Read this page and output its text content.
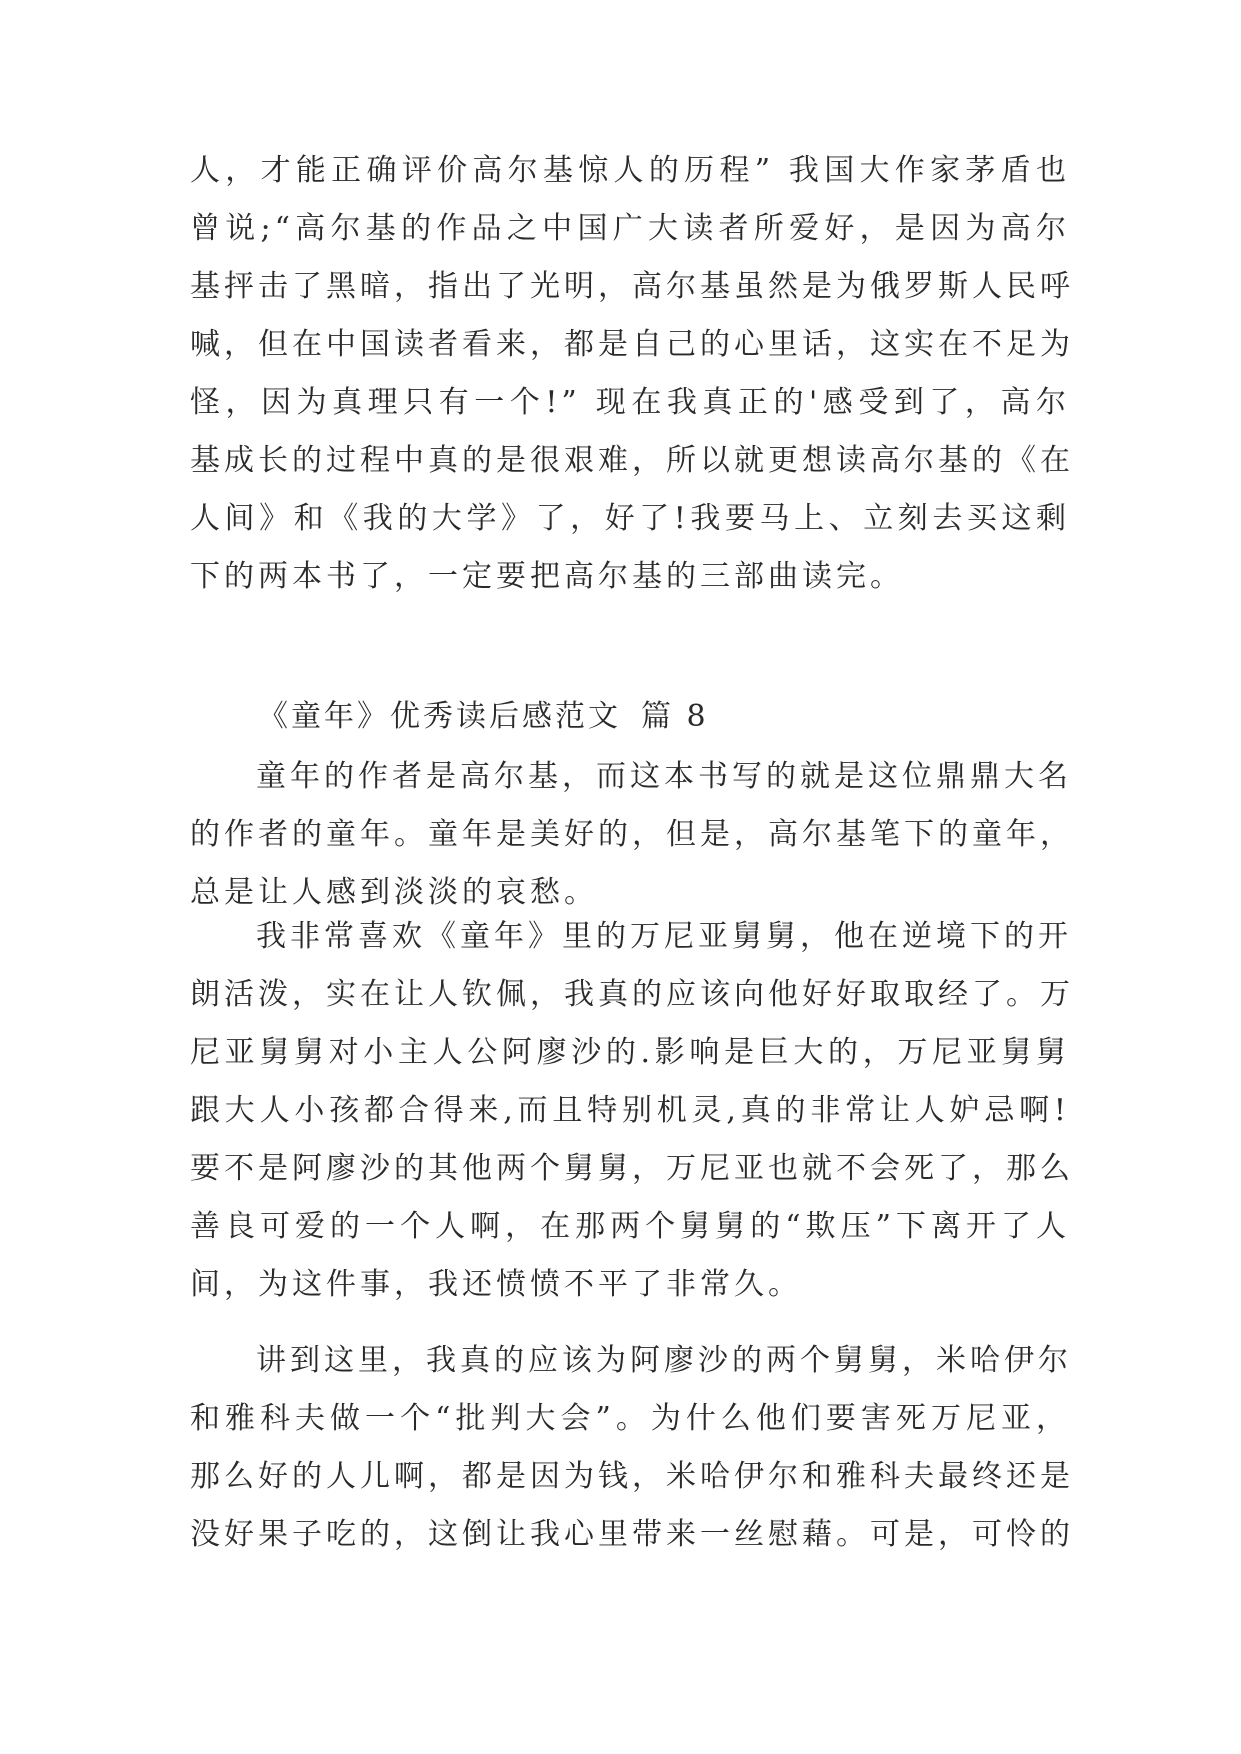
人，才能正确评价高尔基惊人的历程” 我国大作家茅盾也
曾说;“高尔基的作品之中国广大读者所爱好，是因为高尔
基抨击了黑暗，指出了光明，高尔基虽然是为俄罗斯人民呼
喊，但在中国读者看来，都是自己的心里话，这实在不足为
怪，因为真理只有一个!” 现在我真正的'感受到了，高尔
基成长的过程中真的是很艰难，所以就更想读高尔基的《在
人间》和《我的大学》了，好了!我要马上、立刻去买这剩
下的两本书了，一定要把高尔基的三部曲读完。
《童年》优秀读后感范文 篇 8
童年的作者是高尔基，而这本书写的就是这位鼎鼎大名
的作者的童年。童年是美好的，但是，高尔基笔下的童年，
总是让人感到淡淡的哀愁。
我非常喜欢《童年》里的万尼亚舅舅，他在逆境下的开
朗活泼，实在让人钦佩，我真的应该向他好好取取经了。万
尼亚舅舅对小主人公阿廖沙的.影响是巨大的，万尼亚舅舅
跟大人小孩都合得来,而且特别机灵,真的非常让人妒忌啊!
要不是阿廖沙的其他两个舅舅，万尼亚也就不会死了，那么
善良可爱的一个人啊，在那两个舅舅的“欺压”下离开了人
间，为这件事，我还愤愤不平了非常久。
讲到这里，我真的应该为阿廖沙的两个舅舅，米哈伊尔
和雅科夫做一个“批判大会”。为什么他们要害死万尼亚，
那么好的人儿啊，都是因为钱，米哈伊尔和雅科夫最终还是
没好果子吃的，这倒让我心里带来一丝慰藉。可是，可怜的
